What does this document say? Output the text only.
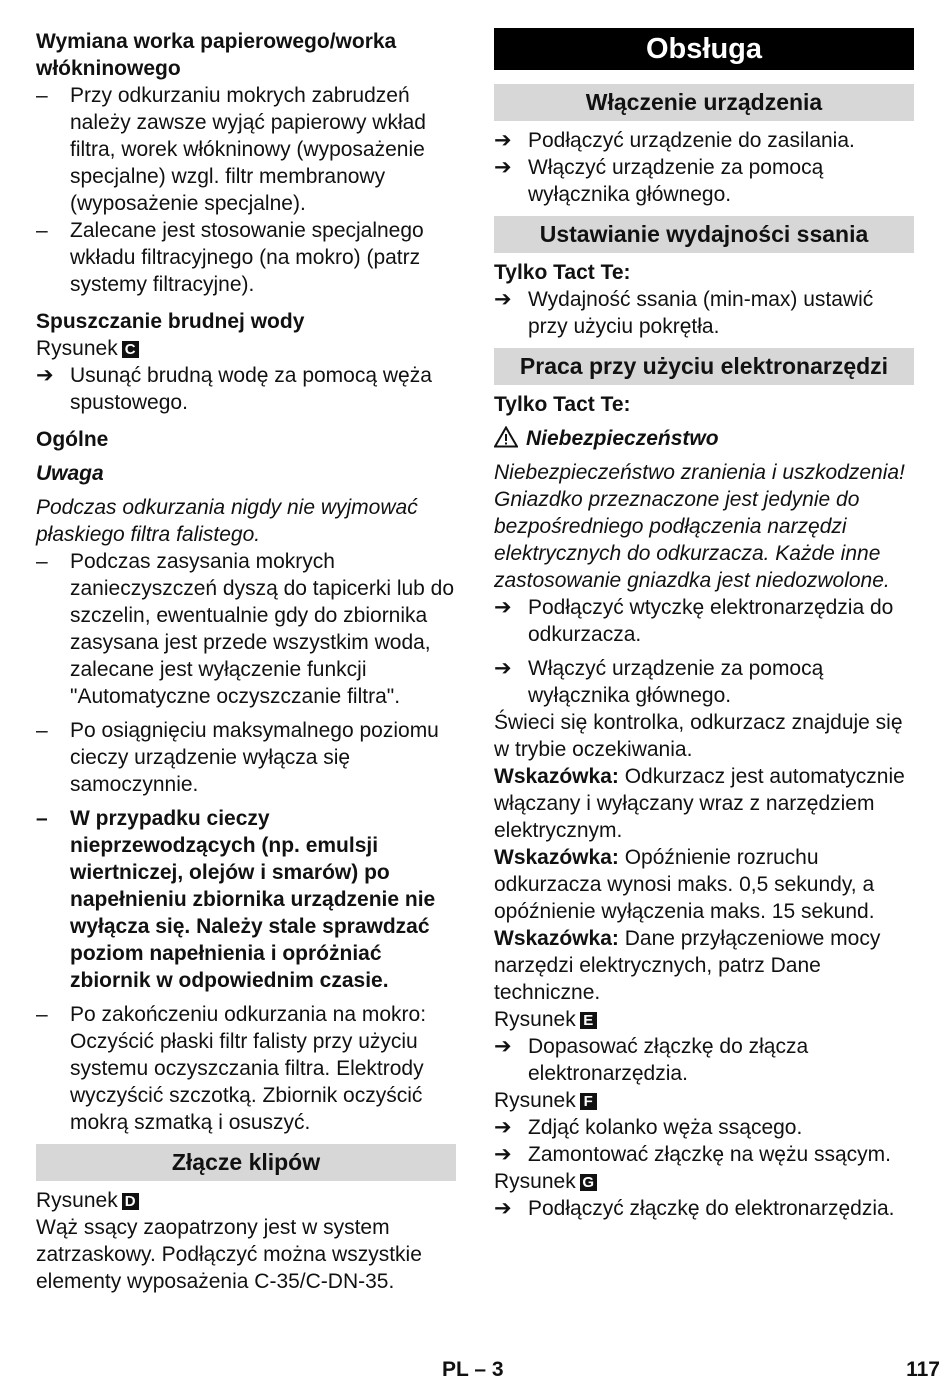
Wymiana worka papierowego/worka włókninowego

– Przy odkurzaniu mokrych zabrudzeń należy zawsze wyjąć papierowy wkład filtra, worek włókninowy (wyposażenie specjalne) wzgl. filtr membranowy (wyposażenie specjalne).

– Zalecane jest stosowanie specjalnego wkładu filtracyjnego (na mokro) (patrz systemy filtracyjne).

Spuszczanie brudnej wody

Rysunek C

➔ Usunąć brudną wodę za pomocą węża spustowego.

Ogólne

Uwaga

Podczas odkurzania nigdy nie wyjmować płaskiego filtra falistego.

– Podczas zasysania mokrych zanieczyszczeń dyszą do tapicerki lub do szczelin, ewentualnie gdy do zbiornika zasysana jest przede wszystkim woda, zalecane jest wyłączenie funkcji "Automatyczne oczyszczanie filtra".

– Po osiągnięciu maksymalnego poziomu cieczy urządzenie wyłącza się samoczynnie.

– W przypadku cieczy nieprzewodzących (np. emulsji wiertniczej, olejów i smarów) po napełnieniu zbiornika urządzenie nie wyłącza się. Należy stale sprawdzać poziom napełnienia i opróżniać zbiornik w odpowiednim czasie.

– Po zakończeniu odkurzania na mokro: Oczyścić płaski filtr falisty przy użyciu systemu oczyszczania filtra. Elektrody wyczyścić szczotką. Zbiornik oczyścić mokrą szmatką i osuszyć.

Złącze klipów

Rysunek D

Wąż ssący zaopatrzony jest w system zatrzaskowy. Podłączyć można wszystkie elementy wyposażenia C-35/C-DN-35.

Obsługa
Włączenie urządzenia

➔ Podłączyć urządzenie do zasilania.

➔ Włączyć urządzenie za pomocą wyłącznika głównego.

Ustawianie wydajności ssania

Tylko Tact Te:

➔ Wydajność ssania (min-max) ustawić przy użyciu pokrętła.

Praca przy użyciu elektronarzędzi

Tylko Tact Te:

Niebezpieczeństwo

Niebezpieczeństwo zranienia i uszkodzenia! Gniazdko przeznaczone jest jedynie do bezpośredniego podłączenia narzędzi elektrycznych do odkurzacza. Każde inne zastosowanie gniazdka jest niedozwolone.

➔ Podłączyć wtyczkę elektronarzędzia do odkurzacza.

➔ Włączyć urządzenie za pomocą wyłącznika głównego.

Świeci się kontrolka, odkurzacz znajduje się w trybie oczekiwania.

Wskazówka: Odkurzacz jest automatycznie włączany i wyłączany wraz z narzędziem elektrycznym.

Wskazówka: Opóźnienie rozruchu odkurzacza wynosi maks. 0,5 sekundy, a opóźnienie wyłączenia maks. 15 sekund.

Wskazówka: Dane przyłączeniowe mocy narzędzi elektrycznych, patrz Dane techniczne.

Rysunek E

➔ Dopasować złączkę do złącza elektronarzędzia.

Rysunek F

➔ Zdjąć kolanko węża ssącego.

➔ Zamontować złączkę na wężu ssącym.

Rysunek G

➔ Podłączyć złączkę do elektronarzędzia.

PL – 3	117
